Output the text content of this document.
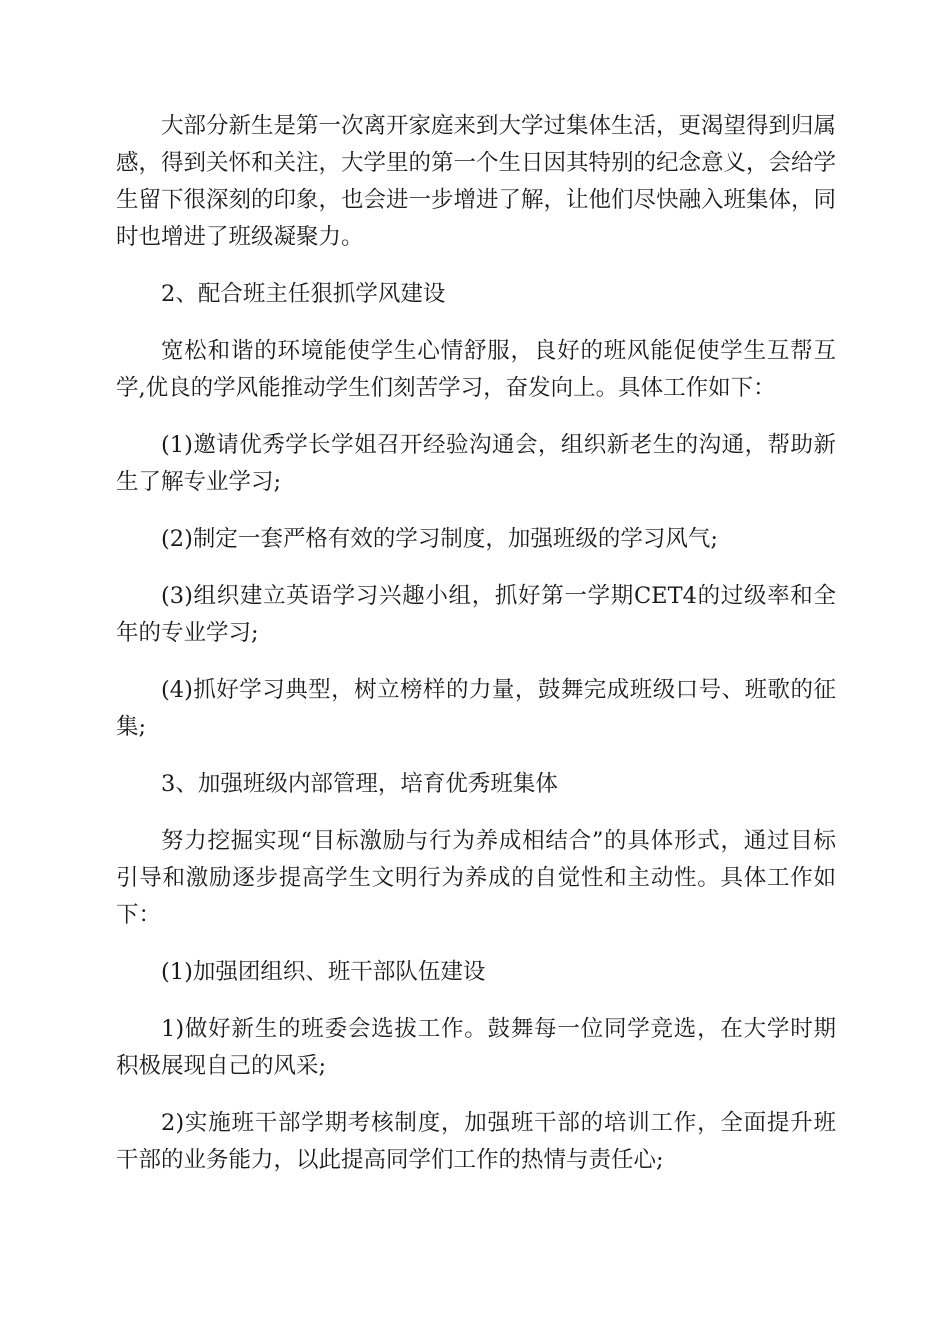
大部分新生是第一次离开家庭来到大学过集体生活，更渴望得到归属感，得到关怀和关注，大学里的第一个生日因其特别的纪念意义，会给学生留下很深刻的印象，也会进一步增进了解，让他们尽快融入班集体，同时也增进了班级凝聚力。

2、配合班主任狠抓学风建设

宽松和谐的环境能使学生心情舒服，良好的班风能促使学生互帮互学,优良的学风能推动学生们刻苦学习，奋发向上。具体工作如下：

(1)邀请优秀学长学姐召开经验沟通会，组织新老生的沟通，帮助新生了解专业学习;

(2)制定一套严格有效的学习制度，加强班级的学习风气;

(3)组织建立英语学习兴趣小组，抓好第一学期CET4的过级率和全年的专业学习;

(4)抓好学习典型，树立榜样的力量，鼓舞完成班级口号、班歌的征集;

3、加强班级内部管理，培育优秀班集体

努力挖掘实现“目标激励与行为养成相结合”的具体形式，通过目标引导和激励逐步提高学生文明行为养成的自觉性和主动性。具体工作如下：

(1)加强团组织、班干部队伍建设

1)做好新生的班委会选拔工作。鼓舞每一位同学竞选，在大学时期积极展现自己的风采;

2)实施班干部学期考核制度，加强班干部的培训工作，全面提升班干部的业务能力，以此提高同学们工作的热情与责任心;
